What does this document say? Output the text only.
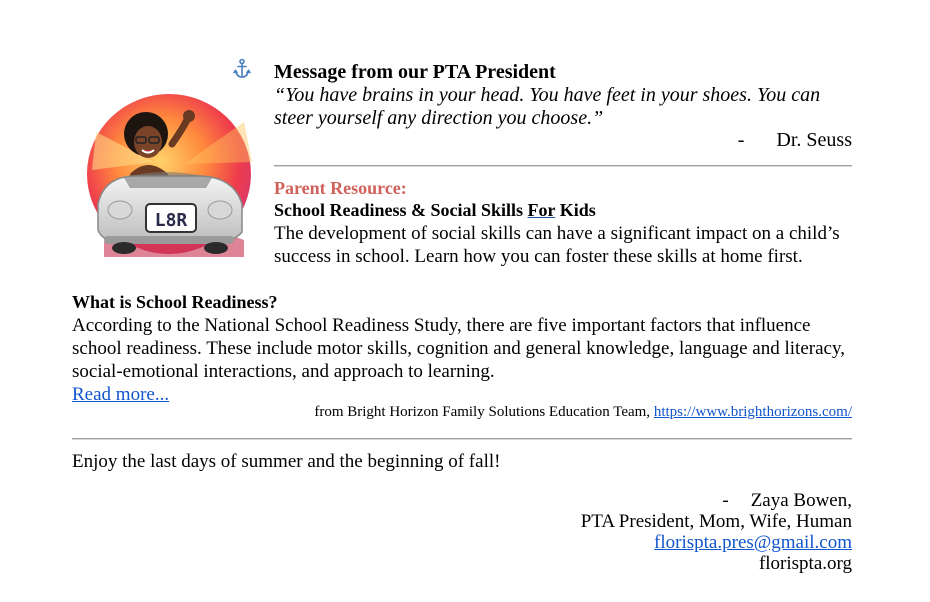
L8R
Message from our PTA President
“You have brains in your head. You have feet in your shoes. You can steer yourself any direction you choose.”
- Dr. Seuss
Parent Resource:
School Readiness & Social Skills For Kids
The development of social skills can have a significant impact on a child’s success in school. Learn how you can foster these skills at home first.
What is School Readiness?
According to the National School Readiness Study, there are five important factors that influence school readiness. These include motor skills, cognition and general knowledge, language and literacy, social-emotional interactions, and approach to learning.
Read more...
from Bright Horizon Family Solutions Education Team, https://www.brighthorizons.com/
Enjoy the last days of summer and the beginning of fall!
- Zaya Bowen,
PTA President, Mom, Wife, Human
florispta.pres@gmail.com
florispta.org
